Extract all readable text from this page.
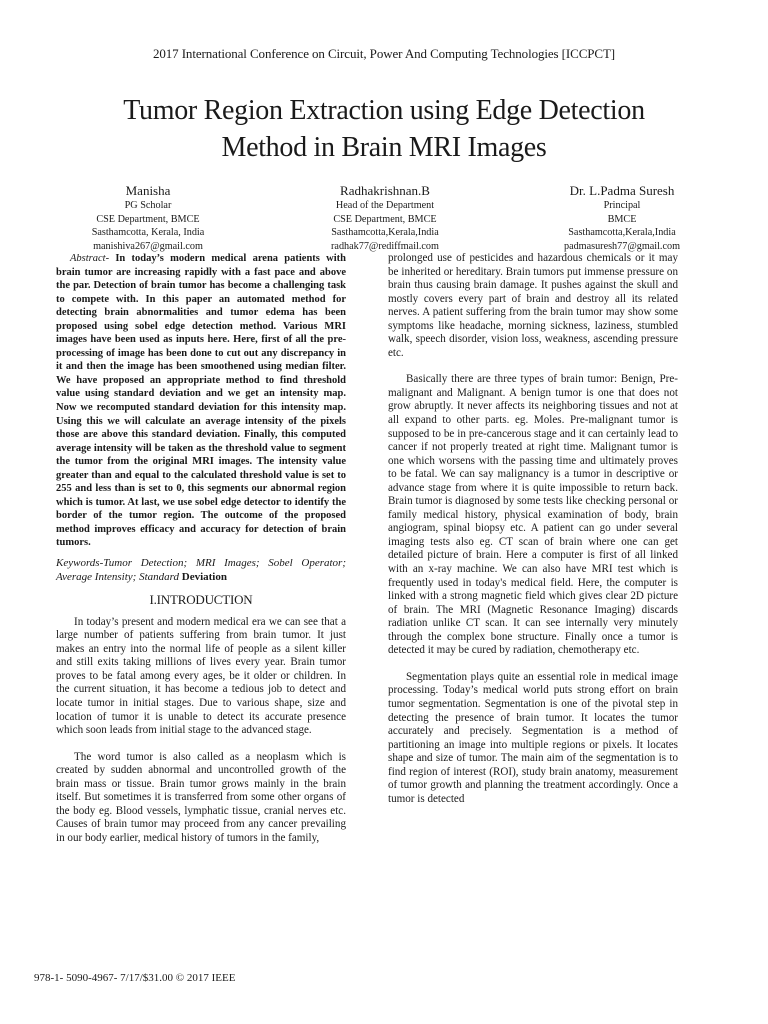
2017 International Conference on Circuit, Power And Computing Technologies [ICCPCT]
Tumor Region Extraction using Edge Detection
Method in Brain MRI Images
Manisha
PG Scholar
CSE Department, BMCE
Sasthamcotta, Kerala, India
manishiva267@gmail.com
Radhakrishnan.B
Head of the Department
CSE Department, BMCE
Sasthamcotta,Kerala,India
radhak77@rediffmail.com
Dr. L.Padma Suresh
Principal
BMCE
Sasthamcotta,Kerala,India
padmasuresh77@gmail.com

Abstract- In today’s modern medical arena patients with brain tumor are increasing rapidly with a fast pace and above the par. Detection of brain tumor has become a challenging task to compete with. In this paper an automated method for detecting brain abnormalities and tumor edema has been proposed using sobel edge detection method. Various MRI images have been used as inputs here. Here, first of all the pre-processing of image has been done to cut out any discrepancy in it and then the image has been smoothened using median filter. We have proposed an appropriate method to find threshold value using standard deviation and we get an intensity map. Now we recomputed standard deviation for this intensity map. Using this we will calculate an average intensity of the pixels those are above this standard deviation. Finally, this computed average intensity will be taken as the threshold value to segment the tumor from the original MRI images. The intensity value greater than and equal to the calculated threshold value is set to 255 and less than is set to 0, this segments our abnormal region which is tumor. At last, we use sobel edge detector to identify the border of the tumor region. The outcome of the proposed method improves efficacy and accuracy for detection of brain tumors.

Keywords-Tumor Detection; MRI Images; Sobel Operator; Average Intensity; Standard Deviation

I.INTRODUCTION

In today’s present and modern medical era we can see that a large number of patients suffering from brain tumor. It just makes an entry into the normal life of people as a silent killer and still exits taking millions of lives every year. Brain tumor proves to be fatal among every ages, be it older or children. In the current situation, it has become a tedious job to detect and locate tumor in initial stages. Due to various shape, size and location of tumor it is unable to detect its accurate presence which soon leads from initial stage to the advanced stage.

The word tumor is also called as a neoplasm which is created by sudden abnormal and uncontrolled growth of the brain mass or tissue. Brain tumor grows mainly in the brain itself. But sometimes it is transferred from some other organs of the body eg. Blood vessels, lymphatic tissue, cranial nerves etc. Causes of brain tumor may proceed from any cancer prevailing in our body earlier, medical history of tumors in the family,

prolonged use of pesticides and hazardous chemicals or it may be inherited or hereditary. Brain tumors put immense pressure on brain thus causing brain damage. It pushes against the skull and mostly covers every part of brain and destroy all its related nerves. A patient suffering from the brain tumor may show some symptoms like headache, morning sickness, laziness, stumbled walk, speech disorder, vision loss, weakness, ascending pressure etc.

Basically there are three types of brain tumor: Benign, Pre-malignant and Malignant. A benign tumor is one that does not grow abruptly. It never affects its neighboring tissues and not at all expand to other parts. eg. Moles. Pre-malignant tumor is supposed to be in pre-cancerous stage and it can certainly lead to cancer if not properly treated at right time. Malignant tumor is one which worsens with the passing time and ultimately proves to be fatal. We can say malignancy is a tumor in descriptive or advance stage from where it is quite impossible to return back. Brain tumor is diagnosed by some tests like checking personal or family medical history, physical examination of body, brain angiogram, spinal biopsy etc. A patient can go under several imaging tests also eg. CT scan of brain where one can get detailed picture of brain. Here a computer is first of all linked with an x-ray machine. We can also have MRI test which is frequently used in today's medical field. Here, the computer is linked with a strong magnetic field which gives clear 2D picture of brain. The MRI (Magnetic Resonance Imaging) discards radiation unlike CT scan. It can see internally very minutely through the complex bone structure. Finally once a tumor is detected it may be cured by radiation, chemotherapy etc.

Segmentation plays quite an essential role in medical image processing. Today’s medical world puts strong effort on brain tumor segmentation. Segmentation is one of the pivotal step in detecting the presence of brain tumor. It locates the tumor accurately and precisely. Segmentation is a method of partitioning an image into multiple regions or pixels. It locates shape and size of tumor. The main aim of the segmentation is to find region of interest (ROI), study brain anatomy, measurement of tumor growth and planning the treatment accordingly. Once a tumor is detected

978-1- 5090-4967- 7/17/$31.00 © 2017 IEEE
